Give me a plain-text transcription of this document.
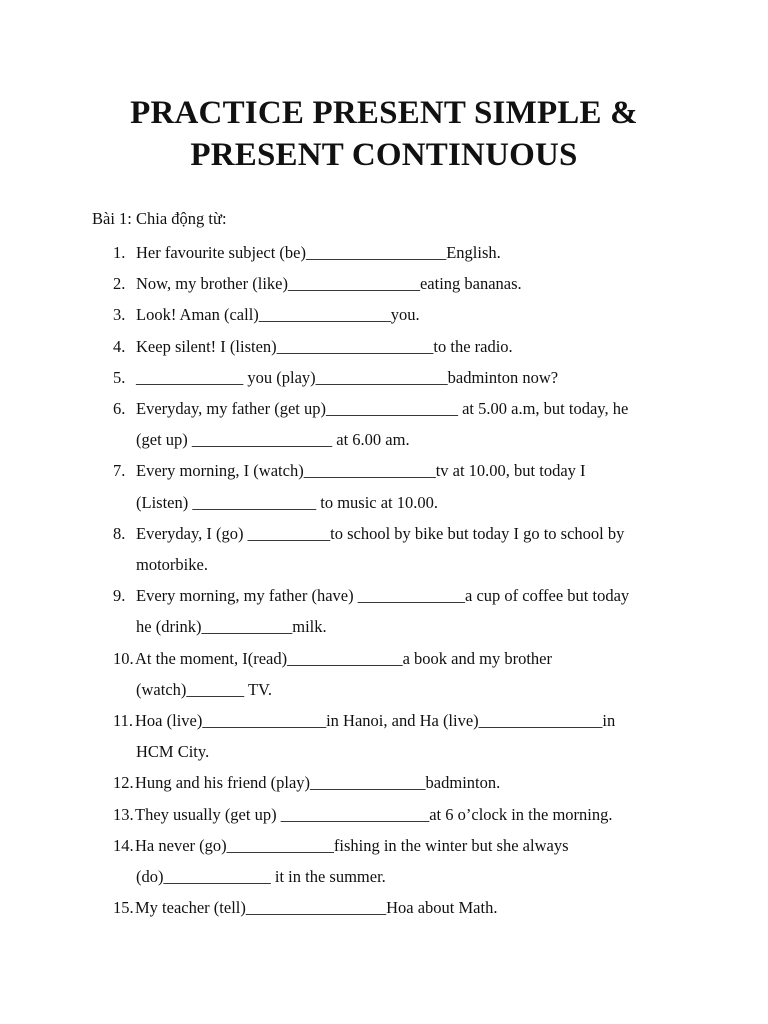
PRACTICE PRESENT SIMPLE &
PRESENT CONTINUOUS
Bài 1: Chia động từ:
1. Her favourite subject (be)_________________English.
2. Now, my brother (like)________________eating bananas.
3. Look! Aman (call)________________you.
4. Keep silent! I (listen)___________________to the radio.
5. _____________ you (play)________________badminton now?
6. Everyday, my father (get up)________________ at 5.00 a.m, but today, he
(get up) _________________ at 6.00 am.
7. Every morning, I (watch)________________tv at 10.00, but today I
(Listen) _______________ to music at 10.00.
8. Everyday, I (go) __________to school by bike but today I go to school by
motorbike.
9. Every morning, my father (have) _____________a cup of coffee but today
he (drink)___________milk.
10. At the moment, I(read)______________a book and my brother
(watch)_______ TV.
11. Hoa (live)_______________in Hanoi, and Ha (live)_______________in
HCM City.
12. Hung and his friend (play)______________badminton.
13. They usually (get up) __________________at 6 o’clock in the morning.
14. Ha never (go)_____________fishing in the winter but she always
(do)_____________ it in the summer.
15. My teacher (tell)_________________Hoa about Math.
